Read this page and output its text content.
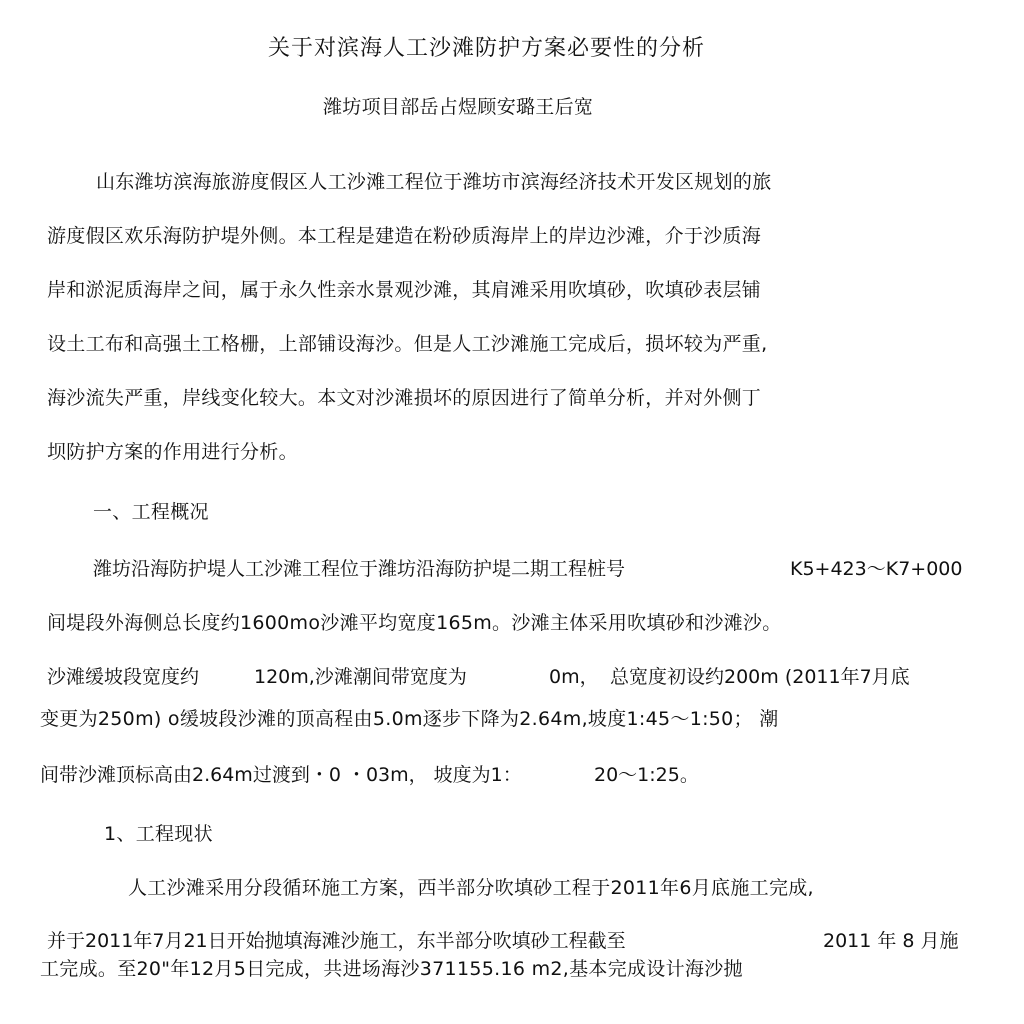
关于对滨海人工沙滩防护方案必要性的分析
潍坊项目部岳占煜顾安璐王后宽
山东潍坊滨海旅游度假区人工沙滩工程位于潍坊市滨海经济技术开发区规划的旅
游度假区欢乐海防护堤外侧。本工程是建造在粉砂质海岸上的岸边沙滩，介于沙质海
岸和淤泥质海岸之间，属于永久性亲水景观沙滩，其肩滩采用吹填砂，吹填砂表层铺
设土工布和高强土工格栅，上部铺设海沙。但是人工沙滩施工完成后，损坏较为严重,
海沙流失严重，岸线变化较大。本文对沙滩损坏的原因进行了简单分析，并对外侧丁
坝防护方案的作用进行分析。
一、工程概况
潍坊沿海防护堤人工沙滩工程位于潍坊沿海防护堤二期工程桩号	K5+423～K7+000
间堤段外海侧总长度约1600mo沙滩平均宽度165m。沙滩主体采用吹填砂和沙滩沙。
沙滩缓坡段宽度约	120m,沙滩潮间带宽度为	0m， 总宽度初设约200m (2011年7月底
变更为250m) o缓坡段沙滩的顶高程由5.0m逐步下降为2.64m,坡度1:45～1:50； 潮
间带沙滩顶标高由2.64m过渡到・0 ・03m， 坡度为1：	20～1:25。
1、工程现状
人工沙滩采用分段循环施工方案，西半部分吹填砂工程于2011年6月底施工完成,
并于2011年7月21日开始抛填海滩沙施工，东半部分吹填砂工程截至	2011 年 8 月施
工完成。至20"年12月5日完成，共进场海沙371155.16 m2,基本完成设计海沙抛
